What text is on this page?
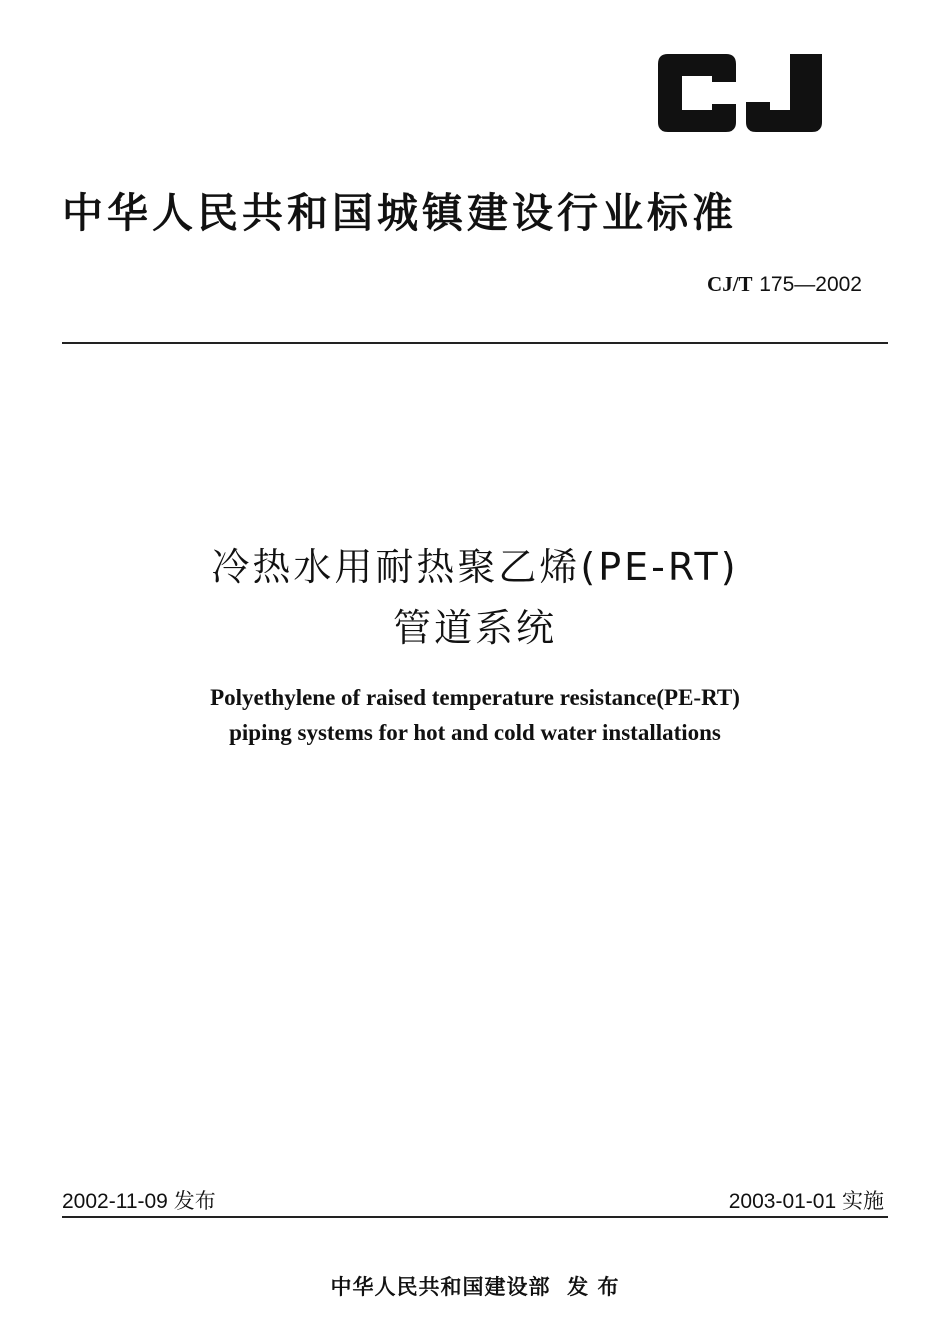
中华人民共和国城镇建设行业标准
CJ/T 175—2002
冷热水用耐热聚乙烯(PE-RT)
管道系统
Polyethylene of raised temperature resistance(PE-RT)
piping systems for hot and cold water installations
2002-11-09 发布	2003-01-01 实施
中华人民共和国建设部  发 布
